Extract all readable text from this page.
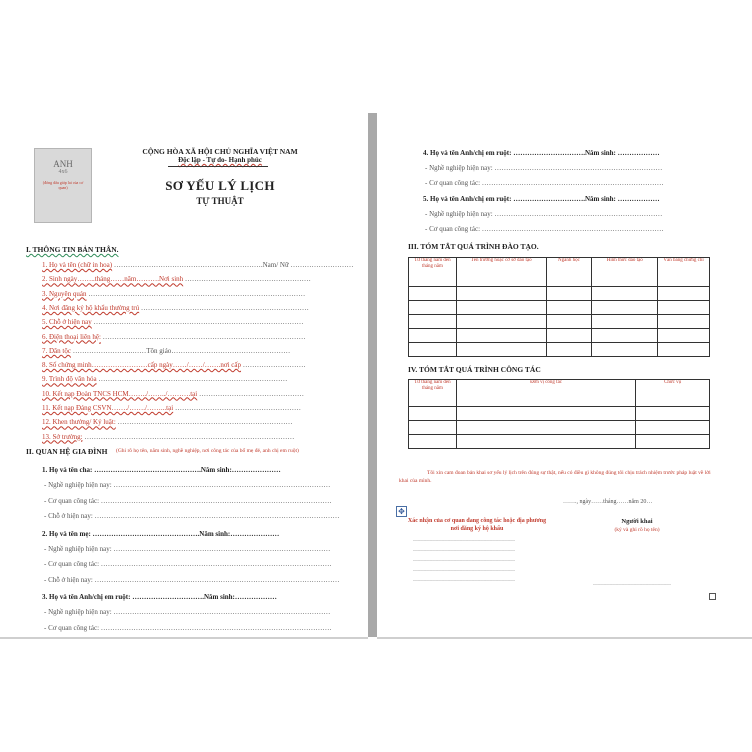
ANH
4x6
(đóng dấu giáp lai của cơ quan)
CỘNG HÒA XÃ HỘI CHỦ NGHĨA VIỆT NAM
Độc lập - Tự do- Hạnh phúc
SƠ YẾU LÝ LỊCH
TỰ THUẬT
I. THÔNG TIN BẢN THÂN.
1. Họ và tên (chữ in hoa) ……………………………………………………….Nam/ Nữ ………………………
2. Sinh ngày……..tháng……năm……….Nơi sinh ………………………………………………
3. Nguyên quán …………………………………………………………………………………
4. Nơi đăng ký hộ khẩu thường trú ………………………………………………………………
5. Chỗ ở hiện nay ………………………………………………………………………………
6. Điện thoại liên hệ: ……………………………………………………………………………
7. Dân tộc ……………………..……Tôn giáo……………………………………………
8. Số chứng minh……………………cấp ngày……/……/…….nơi cấp ………………………
9. Trình độ văn hóa ………………………………………………………………………
10. Kết nạp Đoàn TNCS HCM……../……../……….tại ………………………………………
11. Kết nạp Đảng CSVN……./……./……...tại ………………………………………………
12. Khen thưởng/ Kỷ luật: …………………………………………………………………
13. Sở trường: ………………………………………………………………………………
II. QUAN HỆ GIA ĐÌNH (Ghi rõ họ tên, năm sinh, nghề nghiệp, nơi công tác của bố mẹ đẻ, anh chị em ruột)
1. Họ và tên cha: ……………………………………….Năm sinh:…………………
- Nghề nghiệp hiện nay: …………………………………………………………………………………
- Cơ quan công tác: ………………………………………………………………………………………
- Chỗ ở hiện nay: ……………………………………………………………………………………………
2. Họ và tên mẹ: ……………………………………….Năm sinh:…………………
- Nghề nghiệp hiện nay: …………………………………………………………………………………
- Cơ quan công tác: ………………………………………………………………………………………
- Chỗ ở hiện nay: ……………………………………………………………………………………………
3. Họ và tên Anh/chị em ruột: ………………………….Năm sinh:………………
- Nghề nghiệp hiện nay: …………………………………………………………………………………
- Cơ quan công tác: ………………………………………………………………………………………
4. Họ và tên Anh/chị em ruột: ………………………….Năm sinh: ………………
- Nghề nghiệp hiện nay: ………………………………………………………………
- Cơ quan công tác: ……………………………………………………………………
5. Họ và tên Anh/chị em ruột: ………………………….Năm sinh: ………………
- Nghề nghiệp hiện nay: ………………………………………………………………
- Cơ quan công tác: ……………………………………………………………………
III. TÓM TẮT QUÁ TRÌNH ĐÀO TẠO.
Từ tháng năm đến tháng năm	Tên trường hoặc cơ sở đào tạo	Ngành học	Hình thức đào tạo	Văn bằng chứng chỉ

IV. TÓM TẮT QUÁ TRÌNH CÔNG TÁC
Từ tháng năm đến tháng năm	Đơn vị công tác	Chức vụ

Tôi xin cam đoan bản khai sơ yếu lý lịch trên đúng sự thật, nếu có điều gì không đúng tôi chịu trách nhiệm trước pháp luật về lời khai của mình.
……., ngày……tháng……năm 20…
✥
Xác nhận của cơ quan đang công tác hoặc địa phương nơi đăng ký hộ khẩu
Người khai
(ký và ghi rõ họ tên)
……………………………………………
……………………………………………
……………………………………………
……………………………………………
……………………………………………
…………………………………
